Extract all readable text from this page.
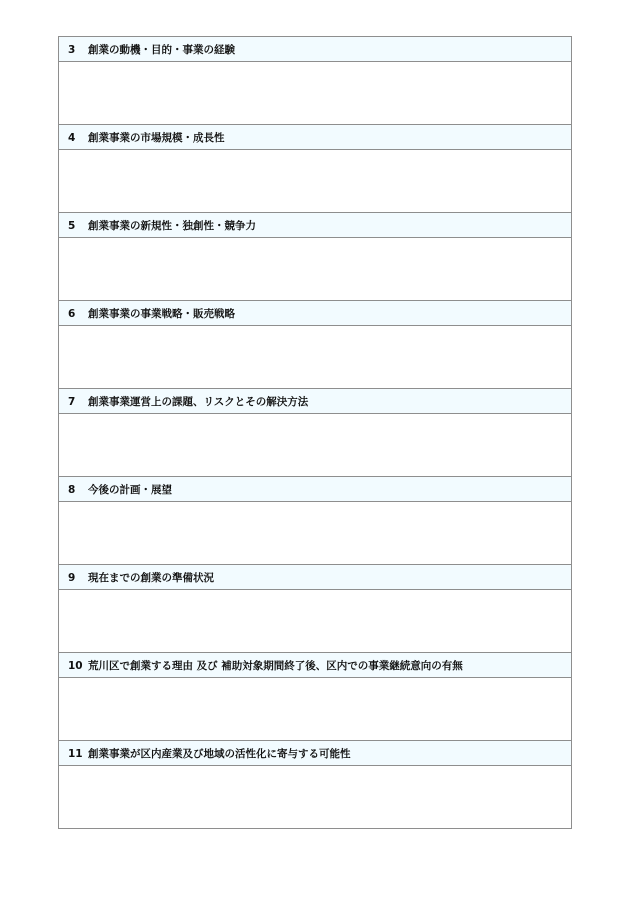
3 創業の動機・目的・事業の経験

4 創業事業の市場規模・成長性

5 創業事業の新規性・独創性・競争力

6 創業事業の事業戦略・販売戦略

7 創業事業運営上の課題、リスクとその解決方法

8 今後の計画・展望

9 現在までの創業の準備状況

10 荒川区で創業する理由 及び 補助対象期間終了後、区内での事業継続意向の有無

11 創業事業が区内産業及び地域の活性化に寄与する可能性
